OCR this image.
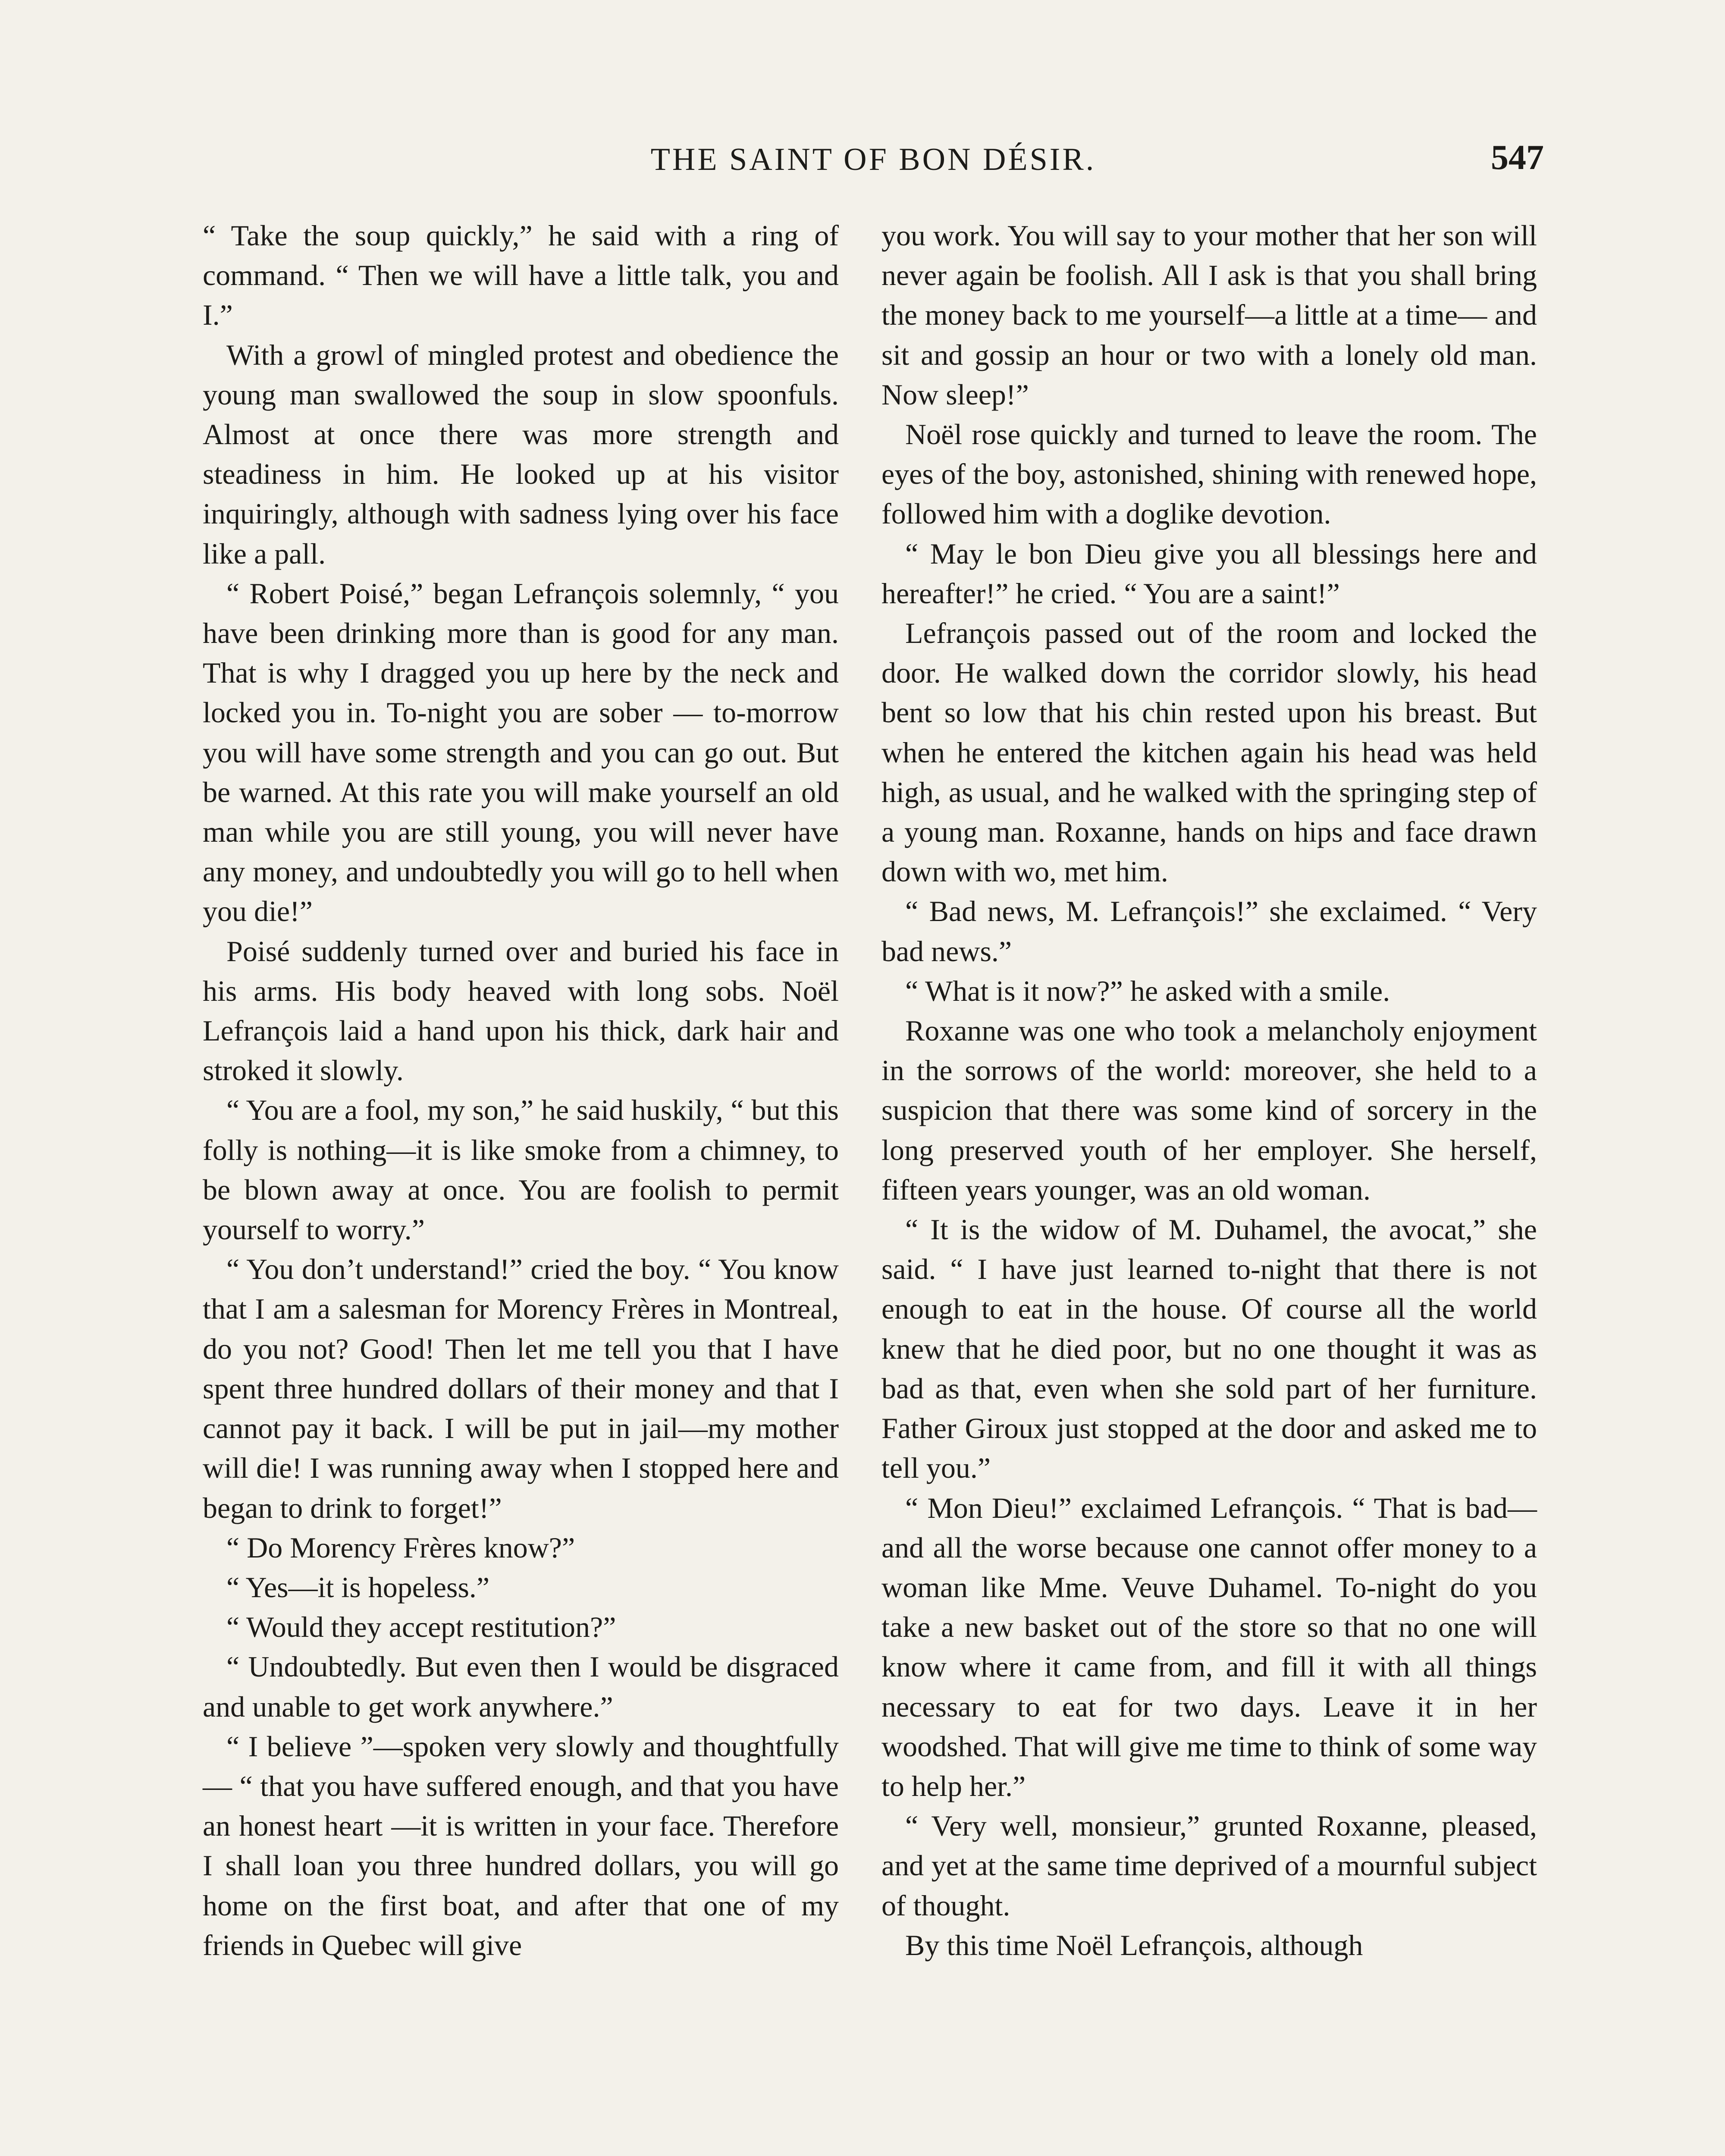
THE SAINT OF BON DÉSIR.	547

“ Take the soup quickly,” he said with a ring of command. “ Then we will have a little talk, you and I.”

With a growl of mingled protest and obedience the young man swallowed the soup in slow spoonfuls. Almost at once there was more strength and steadiness in him. He looked up at his visitor inquiringly, although with sadness lying over his face like a pall.

“ Robert Poisé,” began Lefrançois solemnly, “ you have been drinking more than is good for any man. That is why I dragged you up here by the neck and locked you in. To-night you are sober — to-morrow you will have some strength and you can go out. But be warned. At this rate you will make yourself an old man while you are still young, you will never have any money, and undoubtedly you will go to hell when you die!”

Poisé suddenly turned over and buried his face in his arms. His body heaved with long sobs. Noël Lefrançois laid a hand upon his thick, dark hair and stroked it slowly.

“ You are a fool, my son,” he said huskily, “ but this folly is nothing—it is like smoke from a chimney, to be blown away at once. You are foolish to permit yourself to worry.”

“ You don’t understand!” cried the boy. “ You know that I am a salesman for Morency Frères in Montreal, do you not? Good! Then let me tell you that I have spent three hundred dollars of their money and that I cannot pay it back. I will be put in jail—my mother will die! I was running away when I stopped here and began to drink to forget!”

“ Do Morency Frères know?”

“ Yes—it is hopeless.”

“ Would they accept restitution?”

“ Undoubtedly. But even then I would be disgraced and unable to get work anywhere.”

“ I believe ”—spoken very slowly and thoughtfully — “ that you have suffered enough, and that you have an honest heart —it is written in your face. Therefore I shall loan you three hundred dollars, you will go home on the first boat, and after that one of my friends in Quebec will give

you work. You will say to your mother that her son will never again be foolish. All I ask is that you shall bring the money back to me yourself—a little at a time— and sit and gossip an hour or two with a lonely old man. Now sleep!”

Noël rose quickly and turned to leave the room. The eyes of the boy, astonished, shining with renewed hope, followed him with a doglike devotion.

“ May le bon Dieu give you all blessings here and hereafter!” he cried. “ You are a saint!”

Lefrançois passed out of the room and locked the door. He walked down the corridor slowly, his head bent so low that his chin rested upon his breast. But when he entered the kitchen again his head was held high, as usual, and he walked with the springing step of a young man. Roxanne, hands on hips and face drawn down with wo, met him.

“ Bad news, M. Lefrançois!” she exclaimed. “ Very bad news.”

“ What is it now?” he asked with a smile.

Roxanne was one who took a melancholy enjoyment in the sorrows of the world: moreover, she held to a suspicion that there was some kind of sorcery in the long preserved youth of her employer. She herself, fifteen years younger, was an old woman.

“ It is the widow of M. Duhamel, the avocat,” she said. “ I have just learned to-night that there is not enough to eat in the house. Of course all the world knew that he died poor, but no one thought it was as bad as that, even when she sold part of her furniture. Father Giroux just stopped at the door and asked me to tell you.”

“ Mon Dieu!” exclaimed Lefrançois. “ That is bad—and all the worse because one cannot offer money to a woman like Mme. Veuve Duhamel. To-night do you take a new basket out of the store so that no one will know where it came from, and fill it with all things necessary to eat for two days. Leave it in her woodshed. That will give me time to think of some way to help her.”

“ Very well, monsieur,” grunted Roxanne, pleased, and yet at the same time deprived of a mournful subject of thought.

By this time Noël Lefrançois, although
